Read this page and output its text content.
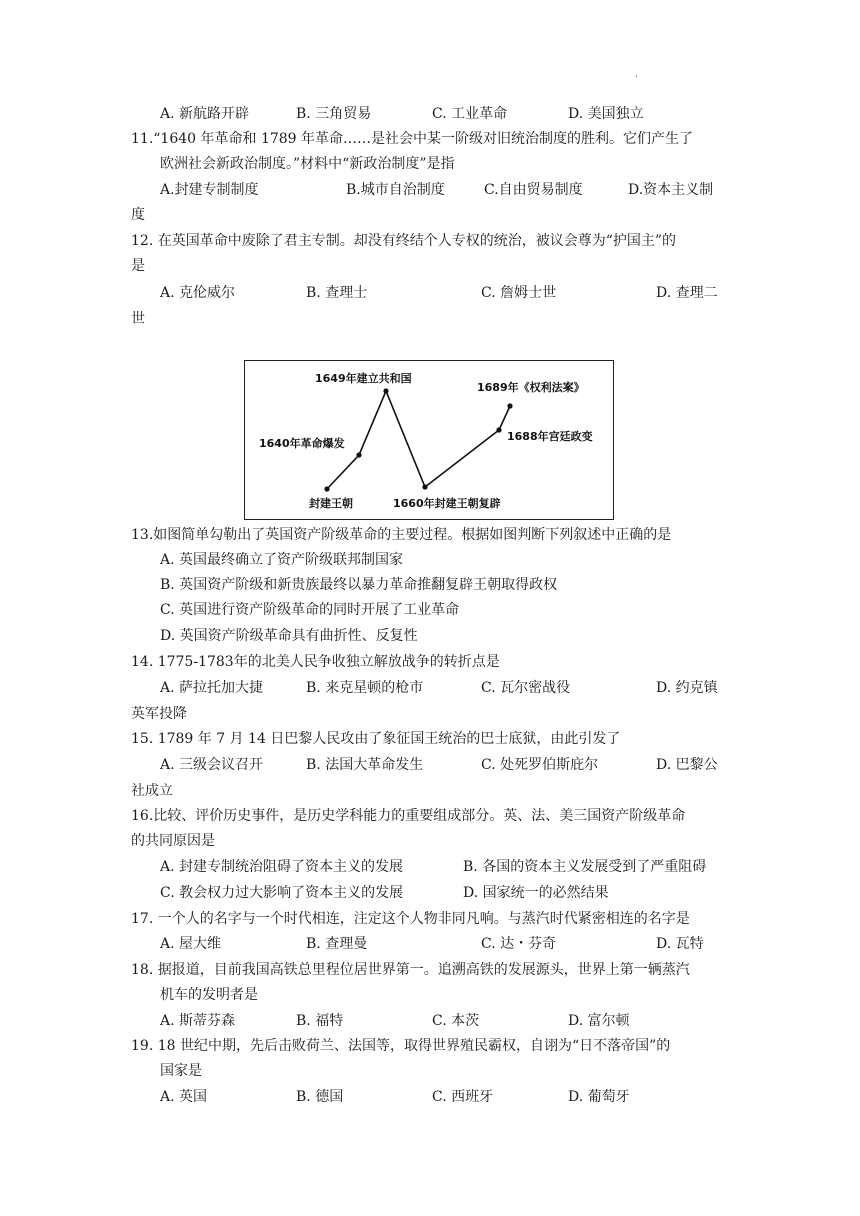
·
A. 新航路开辟	B. 三角贸易	C. 工业革命	D. 美国独立
11.“1640 年革命和 1789 年革命……是社会中某一阶级对旧统治制度的胜利。它们产生了
欧洲社会新政治制度。”材料中“新政治制度”是指
A.封建专制制度	B.城市自治制度	C.自由贸易制度	D.资本主义制
度
12. 在英国革命中废除了君主专制。却没有终结个人专权的统治，被议会尊为“护国主”的
是
A. 克伦威尔	B. 查理士	C. 詹姆士世	D. 查理二
世
封建王朝
1640年革命爆发
1649年建立共和国
1660年封建王朝复辟
1688年宫廷政变
1689年《权利法案》
13.如图简单勾勒出了英国资产阶级革命的主要过程。根据如图判断下列叙述中正确的是
A. 英国最终确立了资产阶级联邦制国家
B. 英国资产阶级和新贵族最终以暴力革命推翻复辟王朝取得政权
C. 英国进行资产阶级革命的同时开展了工业革命
D. 英国资产阶级革命具有曲折性、反复性
14. 1775-1783年的北美人民争收独立解放战争的转折点是
A. 萨拉托加大捷	B. 来克星顿的枪市	C. 瓦尔密战役	D. 约克镇
英军投降
15. 1789 年 7 月 14 日巴黎人民攻由了象征国王统治的巴士底狱，由此引发了
A. 三级会议召开	B. 法国大革命发生	C. 处死罗伯斯庇尔	D. 巴黎公
社成立
16.比较、评价历史事件，是历史学科能力的重要组成部分。英、法、美三国资产阶级革命
的共同原因是
A. 封建专制统治阻碍了资本主义的发展	B. 各国的资本主义发展受到了严重阻碍
C. 教会权力过大影响了资本主义的发展	D. 国家统一的必然结果
17. 一个人的名字与一个时代相连，注定这个人物非同凡响。与蒸汽时代紧密相连的名字是
A. 屋大维	B. 查理曼	C. 达・芬奇	D. 瓦特
18. 据报道，目前我国高铁总里程位居世界第一。追溯高铁的发展源头，世界上第一辆蒸汽
机车的发明者是
A. 斯蒂芬森	B. 福特	C. 本茨	D. 富尔顿
19. 18 世纪中期，先后击败荷兰、法国等，取得世界殖民霸权，自诩为“日不落帝国”的
国家是
A. 英国	B. 德国	C. 西班牙	D. 葡萄牙
